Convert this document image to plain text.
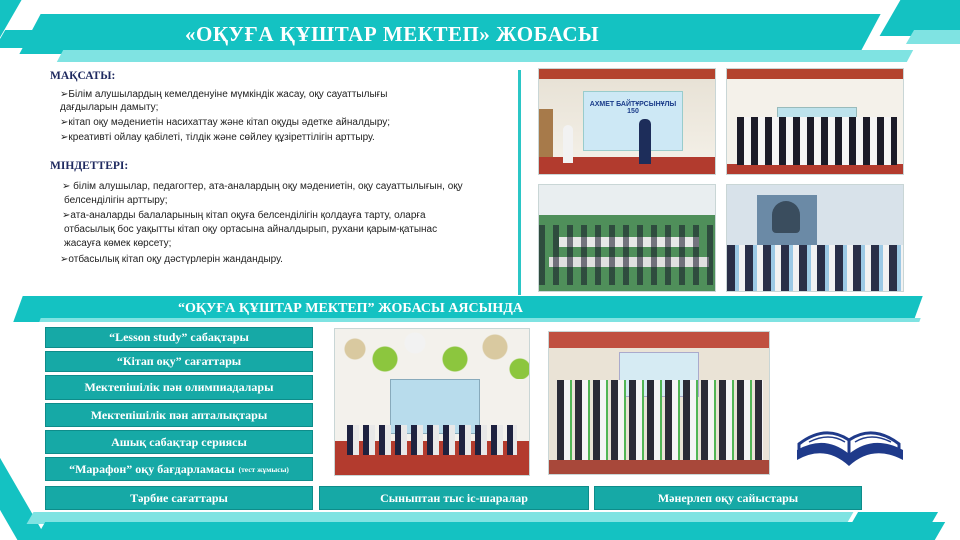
«ОҚУҒА ҚҰШТАР МЕКТЕП» ЖОБАСЫ
МАҚСАТЫ:
➢Білім алушылардың кемелденуіне мүмкіндік жасау, оқу сауаттылығы
дағдыларын дамыту;
➢кітап оқу мәдениетін насихаттау және кітап оқуды әдетке айналдыру;
➢креативті ойлау қабілеті, тілдік және сөйлеу құзіреттілігін арттыру.
МІНДЕТТЕРІ:
➢ білім алушылар, педагогтер, ата-аналардың оқу мәдениетін, оқу сауаттылығын, оқу
белсенділігін арттыру;
➢ата-аналарды балаларының кітап оқуға белсенділігін қолдауға тарту, оларға
отбасылық бос уақытты кітап оқу ортасына айналдырып, рухани қарым-қатынас
жасауға көмек көрсету;
➢отбасылық кітап оқу дәстүрлерін жандандыру.
АХМЕТ БАЙТҰРСЫНҰЛЫ 150
“ОҚУҒА ҚҰШТАР МЕКТЕП” ЖОБАСЫ АЯСЫНДА
“Lesson study” сабақтары
“Кітап оқу” сағаттары
Мектепішілік пән олимпиадалары
Мектепішілік пән апталықтары
Ашық сабақтар сериясы
“Марафон” оқу бағдарламасы (тест жұмысы)
Тәрбие сағаттары	Сыныптан тыс іс-шаралар	Мәнерлеп оқу сайыстары
